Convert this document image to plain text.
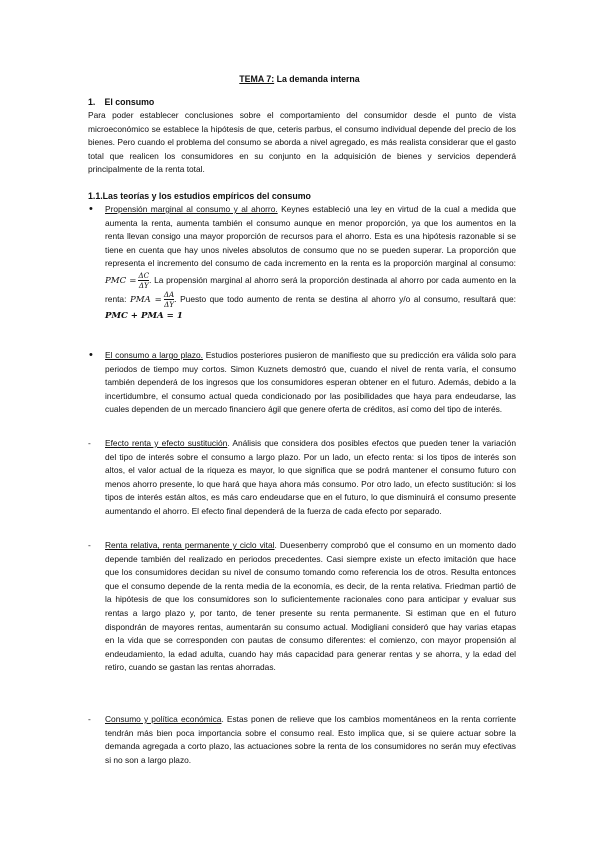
TEMA 7: La demanda interna
1. El consumo

Para poder establecer conclusiones sobre el comportamiento del consumidor desde el punto de vista microeconómico se establece la hipótesis de que, ceteris parbus, el consumo individual depende del precio de los bienes. Pero cuando el problema del consumo se aborda a nivel agregado, es más realista considerar que el gasto total que realicen los consumidores en su conjunto en la adquisición de bienes y servicios dependerá principalmente de la renta total.

1.1.Las teorías y los estudios empíricos del consumo
•	Propensión marginal al consumo y al ahorro. Keynes estableció una ley en virtud de la cual a medida que aumenta la renta, aumenta también el consumo aunque en menor proporción, ya que los aumentos en la renta llevan consigo una mayor proporción de recursos para el ahorro. Esta es una hipótesis razonable si se tiene en cuenta que hay unos niveles absolutos de consumo que no se pueden superar. La proporción que representa el incremento del consumo de cada incremento en la renta es la proporción marginal al consumo: PMC = $\frac{\Delta C}{\Delta Y}$ . La propensión marginal al ahorro será la proporción destinada al ahorro por cada aumento en la renta: PMA = $\frac{\Delta A}{\Delta Y}$ . Puesto que todo aumento de renta se destina al ahorro y/o al consumo, resultará que: PMC + PMA = 1
•	El consumo a largo plazo. Estudios posteriores pusieron de manifiesto que su predicción era válida solo para periodos de tiempo muy cortos. Simon Kuznets demostró que, cuando el nivel de renta varía, el consumo también dependerá de los ingresos que los consumidores esperan obtener en el futuro. Además, debido a la incertidumbre, el consumo actual queda condicionado por las posibilidades que haya para endeudarse, las cuales dependen de un mercado financiero ágil que genere oferta de créditos, así como del tipo de interés.
-	Efecto renta y efecto sustitución. Análisis que considera dos posibles efectos que pueden tener la variación del tipo de interés sobre el consumo a largo plazo. Por un lado, un efecto renta: si los tipos de interés son altos, el valor actual de la riqueza es mayor, lo que significa que se podrá mantener el consumo futuro con menos ahorro presente, lo que hará que haya ahora más consumo. Por otro lado, un efecto sustitución: si los tipos de interés están altos, es más caro endeudarse que en el futuro, lo que disminuirá el consumo presente aumentando el ahorro. El efecto final dependerá de la fuerza de cada efecto por separado.
-	Renta relativa, renta permanente y ciclo vital. Duesenberry comprobó que el consumo en un momento dado depende también del realizado en periodos precedentes. Casi siempre existe un efecto imitación que hace que los consumidores decidan su nivel de consumo tomando como referencia los de otros. Resulta entonces que el consumo depende de la renta media de la economía, es decir, de la renta relativa. Friedman partió de la hipótesis de que los consumidores son lo suficientemente racionales cono para anticipar y evaluar sus rentas a largo plazo y, por tanto, de tener presente su renta permanente. Si estiman que en el futuro dispondrán de mayores rentas, aumentarán su consumo actual. Modigliani consideró que hay varias etapas en la vida que se corresponden con pautas de consumo diferentes: el comienzo, con mayor propensión al endeudamiento, la edad adulta, cuando hay más capacidad para generar rentas y se ahorra, y la edad del retiro, cuando se gastan las rentas ahorradas.
-	Consumo y política económica. Estas ponen de relieve que los cambios momentáneos en la renta corriente tendrán más bien poca importancia sobre el consumo real. Esto implica que, si se quiere actuar sobre la demanda agregada a corto plazo, las actuaciones sobre la renta de los consumidores no serán muy efectivas si no son a largo plazo.
